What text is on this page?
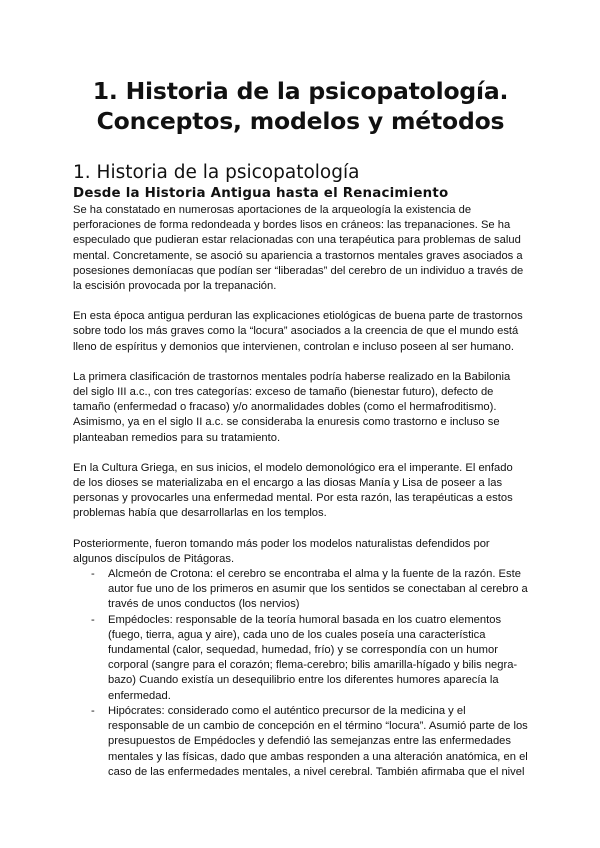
1. Historia de la psicopatología.
Conceptos, modelos y métodos
1. Historia de la psicopatología
Desde la Historia Antigua hasta el Renacimiento

Se ha constatado en numerosas aportaciones de la arqueología la existencia de perforaciones de forma redondeada y bordes lisos en cráneos: las trepanaciones. Se ha especulado que pudieran estar relacionadas con una terapéutica para problemas de salud mental. Concretamente, se asoció su apariencia a trastornos mentales graves asociados a posesiones demoníacas que podían ser “liberadas” del cerebro de un individuo a través de la escisión provocada por la trepanación.

En esta época antigua perduran las explicaciones etiológicas de buena parte de trastornos sobre todo los más graves como la “locura” asociados a la creencia de que el mundo está lleno de espíritus y demonios que intervienen, controlan e incluso poseen al ser humano.

La primera clasificación de trastornos mentales podría haberse realizado en la Babilonia del siglo III a.c., con tres categorías: exceso de tamaño (bienestar futuro), defecto de tamaño (enfermedad o fracaso) y/o anormalidades dobles (como el hermafroditismo). Asimismo, ya en el siglo II a.c. se consideraba la enuresis como trastorno e incluso se planteaban remedios para su tratamiento.

En la Cultura Griega, en sus inicios, el modelo demonológico era el imperante. El enfado de los dioses se materializaba en el encargo a las diosas Manía y Lisa de poseer a las personas y provocarles una enfermedad mental. Por esta razón, las terapéuticas a estos problemas había que desarrollarlas en los templos.

Posteriormente, fueron tomando más poder los modelos naturalistas defendidos por algunos discípulos de Pitágoras.

- Alcmeón de Crotona: el cerebro se encontraba el alma y la fuente de la razón. Este autor fue uno de los primeros en asumir que los sentidos se conectaban al cerebro a través de unos conductos (los nervios)
- Empédocles: responsable de la teoría humoral basada en los cuatro elementos (fuego, tierra, agua y aire), cada uno de los cuales poseía una característica fundamental (calor, sequedad, humedad, frío) y se correspondía con un humor corporal (sangre para el corazón; flema-cerebro; bilis amarilla-hígado y bilis negra-bazo) Cuando existía un desequilibrio entre los diferentes humores aparecía la enfermedad.
- Hipócrates: considerado como el auténtico precursor de la medicina y el responsable de un cambio de concepción en el término “locura”. Asumió parte de los presupuestos de Empédocles y defendió las semejanzas entre las enfermedades mentales y las físicas, dado que ambas responden a una alteración anatómica, en el caso de las enfermedades mentales, a nivel cerebral. También afirmaba que el nivel
